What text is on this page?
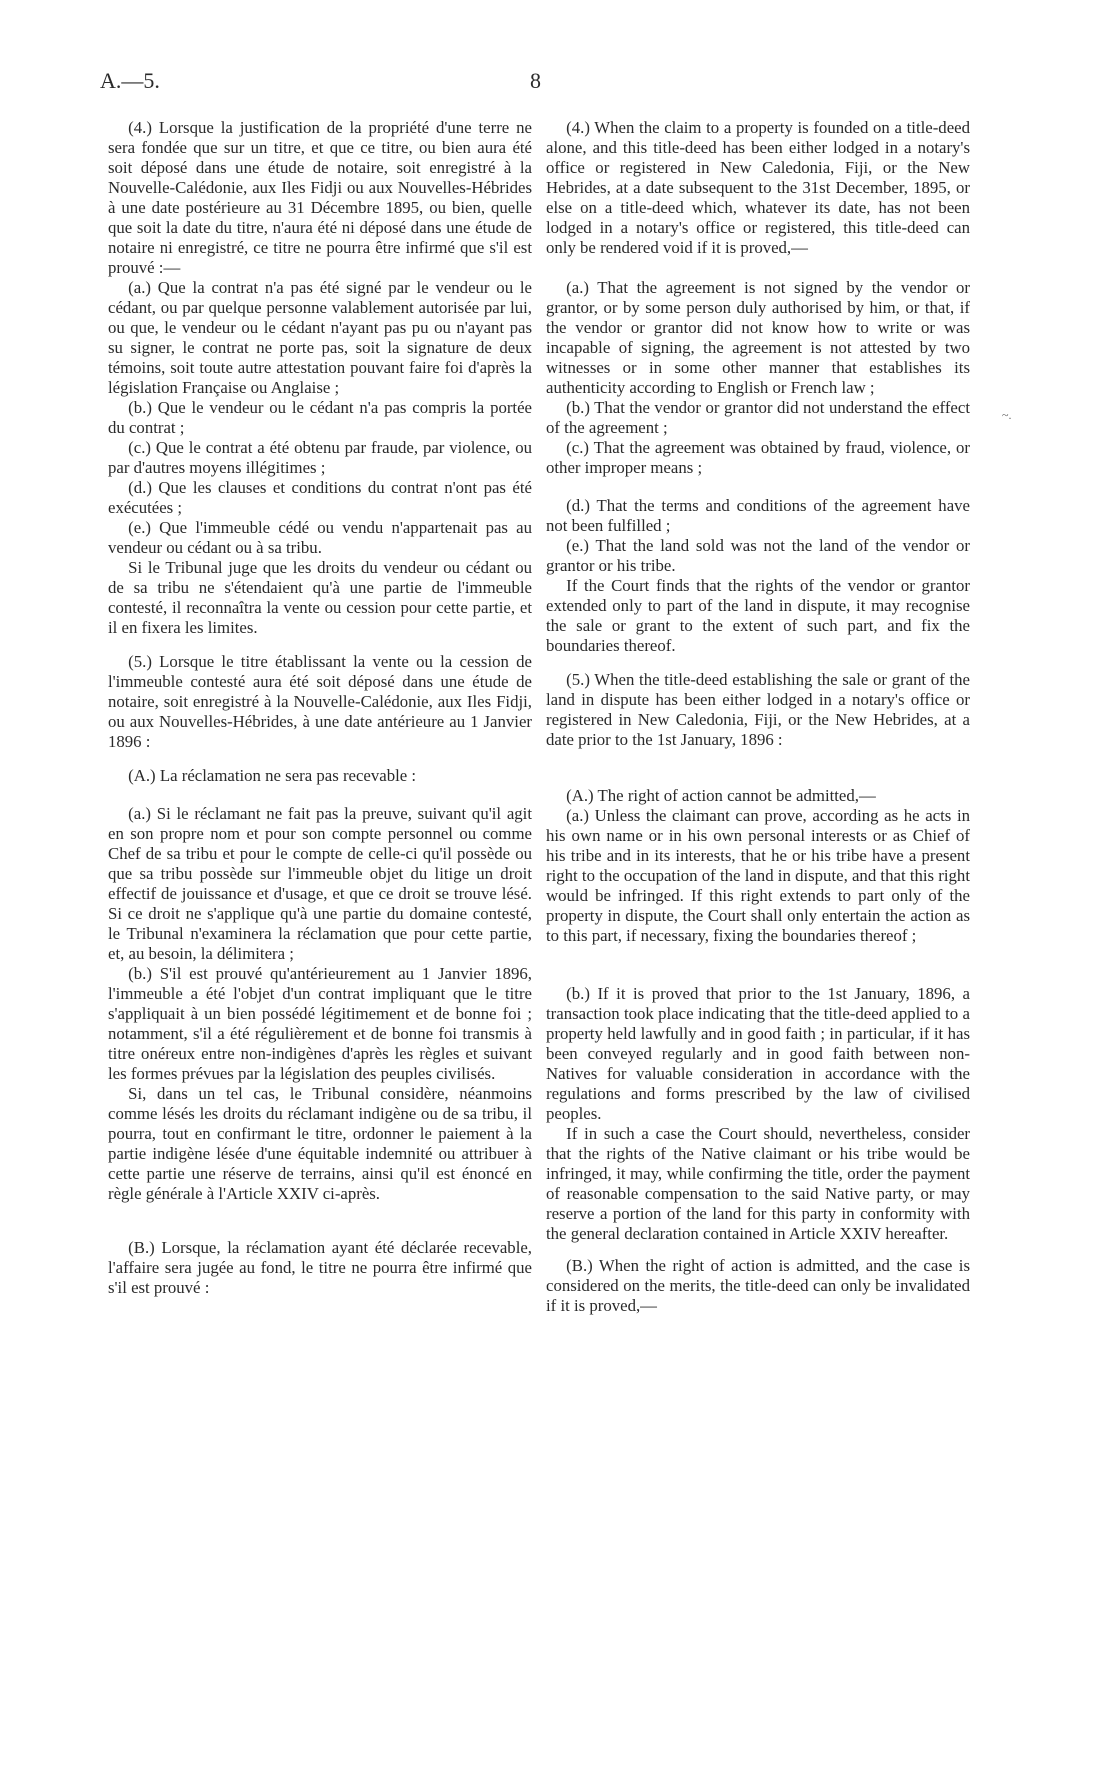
A.—5.	8

(4.) Lorsque la justification de la propriété d'une terre ne sera fondée que sur un titre, et que ce titre, ou bien aura été soit déposé dans une étude de notaire, soit enregistré à la Nouvelle-Calédonie, aux Iles Fidji ou aux Nouvelles-Hébrides à une date postérieure au 31 Décembre 1895, ou bien, quelle que soit la date du titre, n'aura été ni déposé dans une étude de notaire ni enregistré, ce titre ne pourra être infirmé que s'il est prouvé :—

(a.) Que la contrat n'a pas été signé par le vendeur ou le cédant, ou par quelque personne valablement autorisée par lui, ou que, le vendeur ou le cédant n'ayant pas pu ou n'ayant pas su signer, le contrat ne porte pas, soit la signature de deux témoins, soit toute autre attestation pouvant faire foi d'après la législation Française ou Anglaise ;

(b.) Que le vendeur ou le cédant n'a pas compris la portée du contrat ;

(c.) Que le contrat a été obtenu par fraude, par violence, ou par d'autres moyens illégitimes ;

(d.) Que les clauses et conditions du contrat n'ont pas été exécutées ;

(e.) Que l'immeuble cédé ou vendu n'appartenait pas au vendeur ou cédant ou à sa tribu.

Si le Tribunal juge que les droits du vendeur ou cédant ou de sa tribu ne s'étendaient qu'à une partie de l'immeuble contesté, il reconnaîtra la vente ou cession pour cette partie, et il en fixera les limites.

(5.) Lorsque le titre établissant la vente ou la cession de l'immeuble contesté aura été soit déposé dans une étude de notaire, soit enregistré à la Nouvelle-Calédonie, aux Iles Fidji, ou aux Nouvelles-Hébrides, à une date antérieure au 1 Janvier 1896 :

(A.) La réclamation ne sera pas recevable :

(a.) Si le réclamant ne fait pas la preuve, suivant qu'il agit en son propre nom et pour son compte personnel ou comme Chef de sa tribu et pour le compte de celle-ci qu'il possède ou que sa tribu possède sur l'immeuble objet du litige un droit effectif de jouissance et d'usage, et que ce droit se trouve lésé. Si ce droit ne s'applique qu'à une partie du domaine contesté, le Tribunal n'examinera la réclamation que pour cette partie, et, au besoin, la délimitera ;

(b.) S'il est prouvé qu'antérieurement au 1 Janvier 1896, l'immeuble a été l'objet d'un contrat impliquant que le titre s'appliquait à un bien possédé légitimement et de bonne foi ; notamment, s'il a été régulièrement et de bonne foi transmis à titre onéreux entre non-indigènes d'après les règles et suivant les formes prévues par la législation des peuples civilisés.

Si, dans un tel cas, le Tribunal considère, néanmoins comme lésés les droits du réclamant indigène ou de sa tribu, il pourra, tout en confirmant le titre, ordonner le paiement à la partie indigène lésée d'une équitable indemnité ou attribuer à cette partie une réserve de terrains, ainsi qu'il est énoncé en règle générale à l'Article XXIV ci-après.

(B.) Lorsque, la réclamation ayant été déclarée recevable, l'affaire sera jugée au fond, le titre ne pourra être infirmé que s'il est prouvé :

(4.) When the claim to a property is founded on a title-deed alone, and this title-deed has been either lodged in a notary's office or registered in New Caledonia, Fiji, or the New Hebrides, at a date subsequent to the 31st December, 1895, or else on a title-deed which, whatever its date, has not been lodged in a notary's office or registered, this title-deed can only be rendered void if it is proved,—

(a.) That the agreement is not signed by the vendor or grantor, or by some person duly authorised by him, or that, if the vendor or grantor did not know how to write or was incapable of signing, the agreement is not attested by two witnesses or in some other manner that establishes its authenticity according to English or French law ;

(b.) That the vendor or grantor did not understand the effect of the agreement ;

(c.) That the agreement was obtained by fraud, violence, or other improper means ;

(d.) That the terms and conditions of the agreement have not been fulfilled ;

(e.) That the land sold was not the land of the vendor or grantor or his tribe.

If the Court finds that the rights of the vendor or grantor extended only to part of the land in dispute, it may recognise the sale or grant to the extent of such part, and fix the boundaries thereof.

(5.) When the title-deed establishing the sale or grant of the land in dispute has been either lodged in a notary's office or registered in New Caledonia, Fiji, or the New Hebrides, at a date prior to the 1st January, 1896 :

(A.) The right of action cannot be admitted,—

(a.) Unless the claimant can prove, according as he acts in his own name or in his own personal interests or as Chief of his tribe and in its interests, that he or his tribe have a present right to the occupation of the land in dispute, and that this right would be infringed. If this right extends to part only of the property in dispute, the Court shall only entertain the action as to this part, if necessary, fixing the boundaries thereof ;

(b.) If it is proved that prior to the 1st January, 1896, a transaction took place indicating that the title-deed applied to a property held lawfully and in good faith ; in particular, if it has been conveyed regularly and in good faith between non-Natives for valuable consideration in accordance with the regulations and forms prescribed by the law of civilised peoples.

If in such a case the Court should, nevertheless, consider that the rights of the Native claimant or his tribe would be infringed, it may, while confirming the title, order the payment of reasonable compensation to the said Native party, or may reserve a portion of the land for this party in conformity with the general declaration contained in Article XXIV hereafter.

(B.) When the right of action is admitted, and the case is considered on the merits, the title-deed can only be invalidated if it is proved,—

~.
